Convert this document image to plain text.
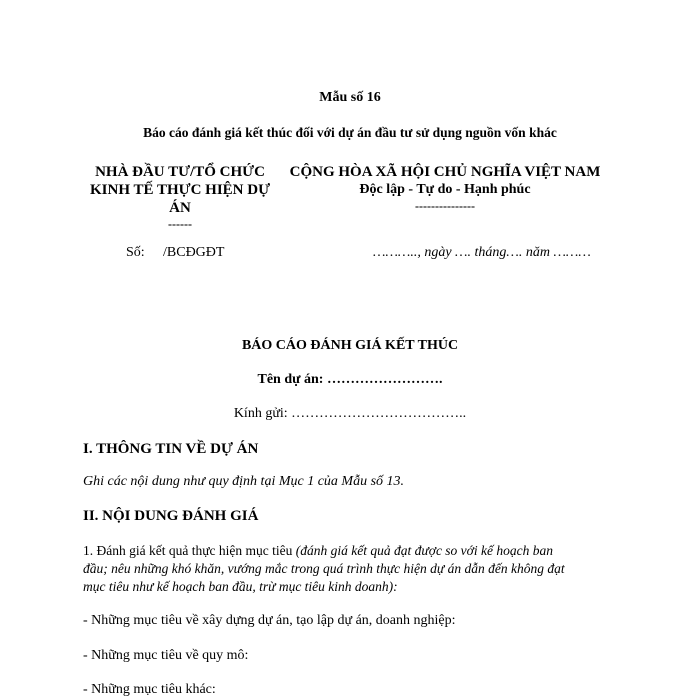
Mẫu số 16

Báo cáo đánh giá kết thúc đối với dự án đầu tư sử dụng nguồn vốn khác

NHÀ ĐẦU TƯ/TỔ CHỨC
KINH TẾ THỰC HIỆN DỰ
ÁN
------
CỘNG HÒA XÃ HỘI CHỦ NGHĨA VIỆT NAM
Độc lập - Tự do - Hạnh phúc
---------------

Số: /BCĐGĐT	……….., ngày …. tháng…. năm ………

BÁO CÁO ĐÁNH GIÁ KẾT THÚC

Tên dự án: …………………….

Kính gửi: ………………………………..

I. THÔNG TIN VỀ DỰ ÁN

Ghi các nội dung như quy định tại Mục 1 của Mẫu số 13.

II. NỘI DUNG ĐÁNH GIÁ

1. Đánh giá kết quả thực hiện mục tiêu (đánh giá kết quả đạt được so với kế hoạch ban

đầu; nêu những khó khăn, vướng mắc trong quá trình thực hiện dự án dẫn đến không đạt

mục tiêu như kế hoạch ban đầu, trừ mục tiêu kinh doanh):

- Những mục tiêu về xây dựng dự án, tạo lập dự án, doanh nghiệp:

- Những mục tiêu về quy mô:

- Những mục tiêu khác:
